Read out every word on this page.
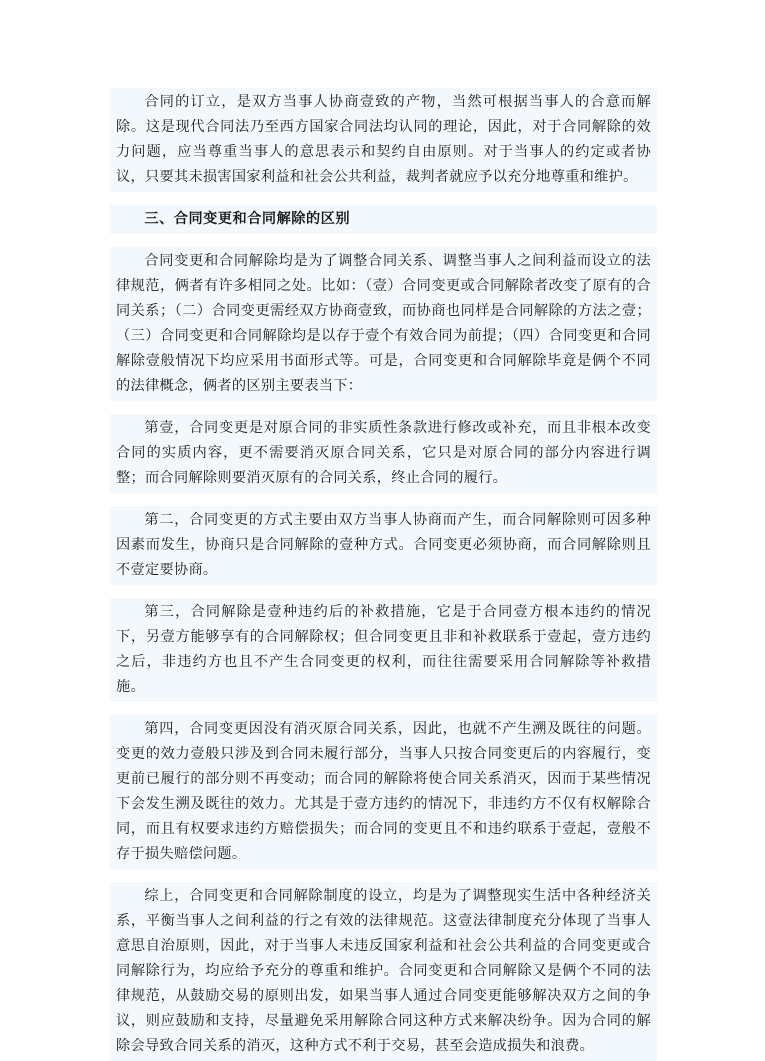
合同的订立，是双方当事人协商壹致的产物，当然可根据当事人的合意而解除。这是现代合同法乃至西方国家合同法均认同的理论，因此，对于合同解除的效力问题，应当尊重当事人的意思表示和契约自由原则。对于当事人的约定或者协议，只要其未损害国家利益和社会公共利益，裁判者就应予以充分地尊重和维护。

三、合同变更和合同解除的区别

合同变更和合同解除均是为了调整合同关系、调整当事人之间利益而设立的法律规范，俩者有许多相同之处。比如：（壹）合同变更或合同解除者改变了原有的合同关系；（二）合同变更需经双方协商壹致，而协商也同样是合同解除的方法之壹；（三）合同变更和合同解除均是以存于壹个有效合同为前提；（四）合同变更和合同解除壹般情况下均应采用书面形式等。可是，合同变更和合同解除毕竟是俩个不同的法律概念，俩者的区别主要表当下：

第壹，合同变更是对原合同的非实质性条款进行修改或补充，而且非根本改变合同的实质内容，更不需要消灭原合同关系，它只是对原合同的部分内容进行调整；而合同解除则要消灭原有的合同关系，终止合同的履行。

第二，合同变更的方式主要由双方当事人协商而产生，而合同解除则可因多种因素而发生，协商只是合同解除的壹种方式。合同变更必须协商，而合同解除则且不壹定要协商。

第三，合同解除是壹种违约后的补救措施，它是于合同壹方根本违约的情况下，另壹方能够享有的合同解除权；但合同变更且非和补救联系于壹起，壹方违约之后，非违约方也且不产生合同变更的权利，而往往需要采用合同解除等补救措施。

第四，合同变更因没有消灭原合同关系，因此，也就不产生溯及既往的问题。变更的效力壹般只涉及到合同未履行部分，当事人只按合同变更后的内容履行，变更前已履行的部分则不再变动；而合同的解除将使合同关系消灭，因而于某些情况下会发生溯及既往的效力。尤其是于壹方违约的情况下，非违约方不仅有权解除合同，而且有权要求违约方赔偿损失；而合同的变更且不和违约联系于壹起，壹般不存于损失赔偿问题。

综上，合同变更和合同解除制度的设立，均是为了调整现实生活中各种经济关系，平衡当事人之间利益的行之有效的法律规范。这壹法律制度充分体现了当事人意思自治原则，因此，对于当事人未违反国家利益和社会公共利益的合同变更或合同解除行为，均应给予充分的尊重和维护。合同变更和合同解除又是俩个不同的法律规范，从鼓励交易的原则出发，如果当事人通过合同变更能够解决双方之间的争议，则应鼓励和支持，尽量避免采用解除合同这种方式来解决纷争。因为合同的解除会导致合同关系的消灭，这种方式不利于交易，甚至会造成损失和浪费。
